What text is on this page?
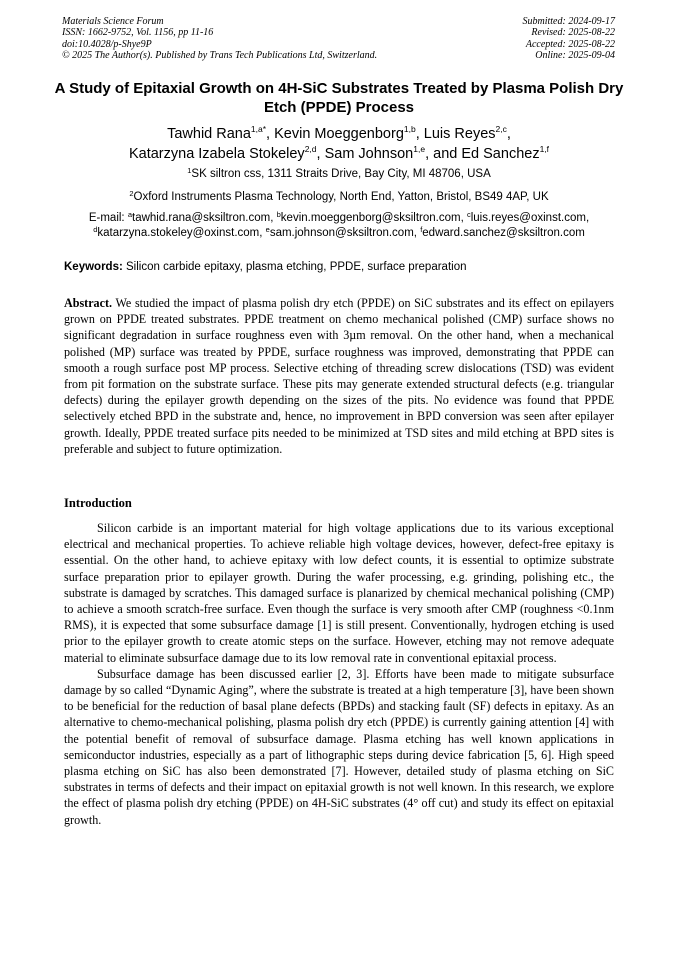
Materials Science Forum
ISSN: 1662-9752, Vol. 1156, pp 11-16
doi:10.4028/p-Shye9P
© 2025 The Author(s). Published by Trans Tech Publications Ltd, Switzerland.
Submitted: 2024-09-17
Revised: 2025-08-22
Accepted: 2025-08-22
Online: 2025-09-04
A Study of Epitaxial Growth on 4H-SiC Substrates Treated by Plasma Polish Dry Etch (PPDE) Process
Tawhid Rana$^{1,a*}$, Kevin Moeggenborg$^{1,b}$, Luis Reyes$^{2,c}$,
Katarzyna Izabela Stokeley$^{2,d}$, Sam Johnson$^{1,e}$, and Ed Sanchez$^{1,f}$
$^1$SK siltron css, 1311 Straits Drive, Bay City, MI 48706, USA
$^2$Oxford Instruments Plasma Technology, North End, Yatton, Bristol, BS49 4AP, UK
E-mail: $^a$tawhid.rana@sksiltron.com, $^b$kevin.moeggenborg@sksiltron.com, $^c$luis.reyes@oxinst.com,
$^d$katarzyna.stokeley@oxinst.com, $^e$sam.johnson@sksiltron.com, $^f$edward.sanchez@sksiltron.com
Keywords: Silicon carbide epitaxy, plasma etching, PPDE, surface preparation
Abstract. We studied the impact of plasma polish dry etch (PPDE) on SiC substrates and its effect on epilayers grown on PPDE treated substrates. PPDE treatment on chemo mechanical polished (CMP) surface shows no significant degradation in surface roughness even with 3µm removal. On the other hand, when a mechanical polished (MP) surface was treated by PPDE, surface roughness was improved, demonstrating that PPDE can smooth a rough surface post MP process. Selective etching of threading screw dislocations (TSD) was evident from pit formation on the substrate surface. These pits may generate extended structural defects (e.g. triangular defects) during the epilayer growth depending on the sizes of the pits. No evidence was found that PPDE selectively etched BPD in the substrate and, hence, no improvement in BPD conversion was seen after epilayer growth. Ideally, PPDE treated surface pits needed to be minimized at TSD sites and mild etching at BPD sites is preferable and subject to future optimization.
Introduction

Silicon carbide is an important material for high voltage applications due to its various exceptional electrical and mechanical properties. To achieve reliable high voltage devices, however, defect-free epitaxy is essential. On the other hand, to achieve epitaxy with low defect counts, it is essential to optimize substrate surface preparation prior to epilayer growth. During the wafer processing, e.g. grinding, polishing etc., the substrate is damaged by scratches. This damaged surface is planarized by chemical mechanical polishing (CMP) to achieve a smooth scratch-free surface. Even though the surface is very smooth after CMP (roughness <0.1nm RMS), it is expected that some subsurface damage [1] is still present. Conventionally, hydrogen etching is used prior to the epilayer growth to create atomic steps on the surface. However, etching may not remove adequate material to eliminate subsurface damage due to its low removal rate in conventional epitaxial process.

Subsurface damage has been discussed earlier [2, 3]. Efforts have been made to mitigate subsurface damage by so called “Dynamic Aging”, where the substrate is treated at a high temperature [3], have been shown to be beneficial for the reduction of basal plane defects (BPDs) and stacking fault (SF) defects in epitaxy. As an alternative to chemo-mechanical polishing, plasma polish dry etch (PPDE) is currently gaining attention [4] with the potential benefit of removal of subsurface damage. Plasma etching has well known applications in semiconductor industries, especially as a part of lithographic steps during device fabrication [5, 6]. High speed plasma etching on SiC has also been demonstrated [7]. However, detailed study of plasma etching on SiC substrates in terms of defects and their impact on epitaxial growth is not well known. In this research, we explore the effect of plasma polish dry etching (PPDE) on 4H-SiC substrates (4° off cut) and study its effect on epitaxial growth.
